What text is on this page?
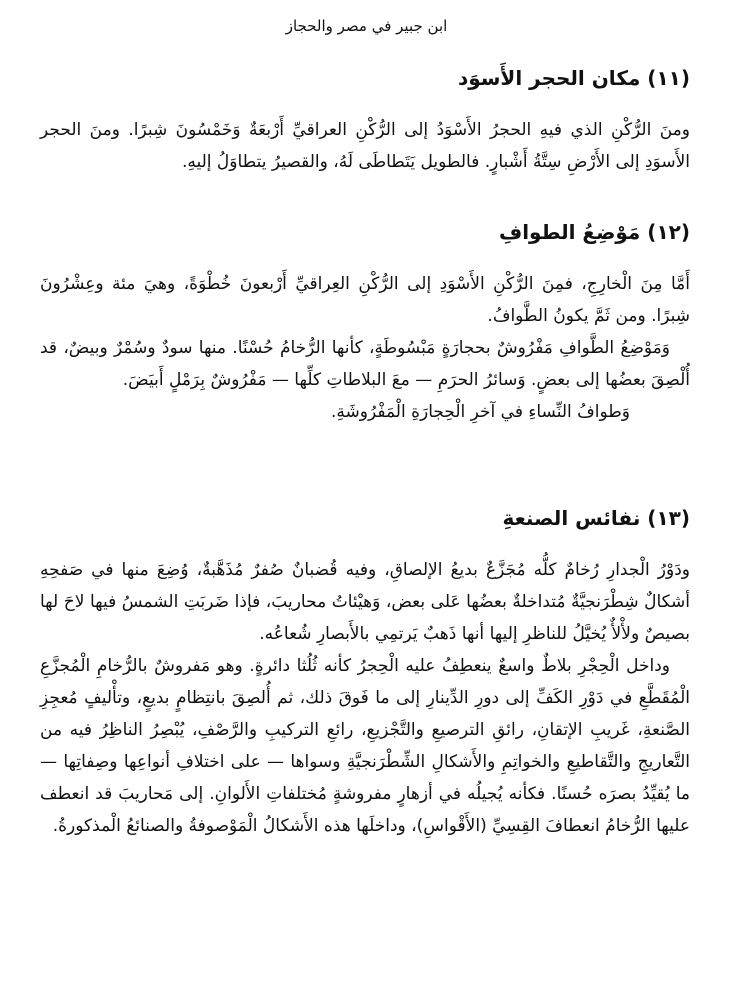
ابن جبير في مصر والحجاز
(١١) مكان الحجر الأَسوَد

ومنَ الرُّكْنِ الذي فيهِ الحجرُ الأَسْوَدُ إلى الرُّكْنِ العراقيِّ أَرْبعَةٌ وَخَمْسُونَ شِبرًا. ومنَ الحجر الأَسوَدِ إلى الأَرْضِ سِتَّةُ أَشْبارٍ. فالطويل يَتَطاطَى لَهُ، والقصيرُ يتطاوَلُ إليهِ.

(١٢) مَوْضِعُ الطوافِ

أَمَّا مِنَ الْخارِجِ، فمِنَ الرُّكْنِ الأَسْوَدِ إلى الرُّكْنِ العِراقيِّ أَرْبعونَ خُطْوَةً، وهيَ مئة وعِشْرُونَ شِبرًا. ومن ثَمَّ يكونُ الطَّوافُ.

وَمَوْضِعُ الطَّوافِ مَفْرُوشٌ بحجارَةٍ مَبْسُوطَةٍ، كأنها الرُّخامُ حُسْنًا. منها سودٌ وسُمْرٌ وبيضٌ، قد أُلْصِقَ بعضُها إلى بعضٍ. وَسائرُ الحرَمِ — معَ البلاطاتِ كلِّها — مَفْرُوشٌ بِرَمْلٍ أَبيَضَ.

وَطوافُ النِّساءِ في آخرِ الْحِجارَةِ الْمَفْرُوشَةِ.

(١٣) نفائس الصنعةِ

ودَوْرُ الْجدارِ رُخامٌ كلُّه مُجَزَّعٌ بديعُ الإلصاقِ، وفيه قُضبانٌ صُفرٌ مُذَهَّبةٌ، وُضِعَ منها في صَفحِهِ أشكالٌ شِطْرَنجيَّةٌ مُتداخلةٌ بعضُها عَلى بعض، وَهيْئاتُ محاريبَ، فإذا ضَربَتِ الشمسُ فيها لاحَ لها بصيصٌ ولأْلأٌ يُخيَّلُ للناظرِ إليها أنها ذَهبٌ يَرتمِي بالأَبصارِ شُعاعُه.

وداخل الْحِجْرِ بلاطٌ واسعٌ ينعطِفُ عليه الْحِجرُ كأنه ثُلُثا دائرةٍ. وهو مَفروشٌ بالرُّخامِ الْمُجزَّعِ الْمُقَطَّعِ في دَوْرِ الكَفِّ إلى دورِ الدِّينارِ إلى ما فَوقَ ذلك، ثم أُلصِقَ بانتِظامٍ بديعٍ، وتأْليفٍ مُعجِزِ الصَّنعةِ، غَريبِ الإتقانِ، رائقِ الترصيعِ والتَّجْزيعِ، رائعِ التركيبِ والرَّصْفِ، يُبْصِرُ الناظِرُ فيه من التَّعاريجِ والتَّقاطيعِ والخواتِمِ والأَشكالِ الشِّطْرَنجيَّةِ وسواها — على اختلافِ أنواعِها وصِفاتِها — ما يُقيِّدُ بصرَه حُسنًا. فكأنه يُجيلُه في أزهارٍ مفروشةٍ مُختلفاتِ الأَلوانِ. إلى مَحاريبَ قد انعطف عليها الرُّخامُ انعطافَ القِسِيِّ (الأَقْواسِ)، وداخلَها هذه الأَشكالُ الْمَوْصوفةُ والصنائعُ الْمذكورةُ.
